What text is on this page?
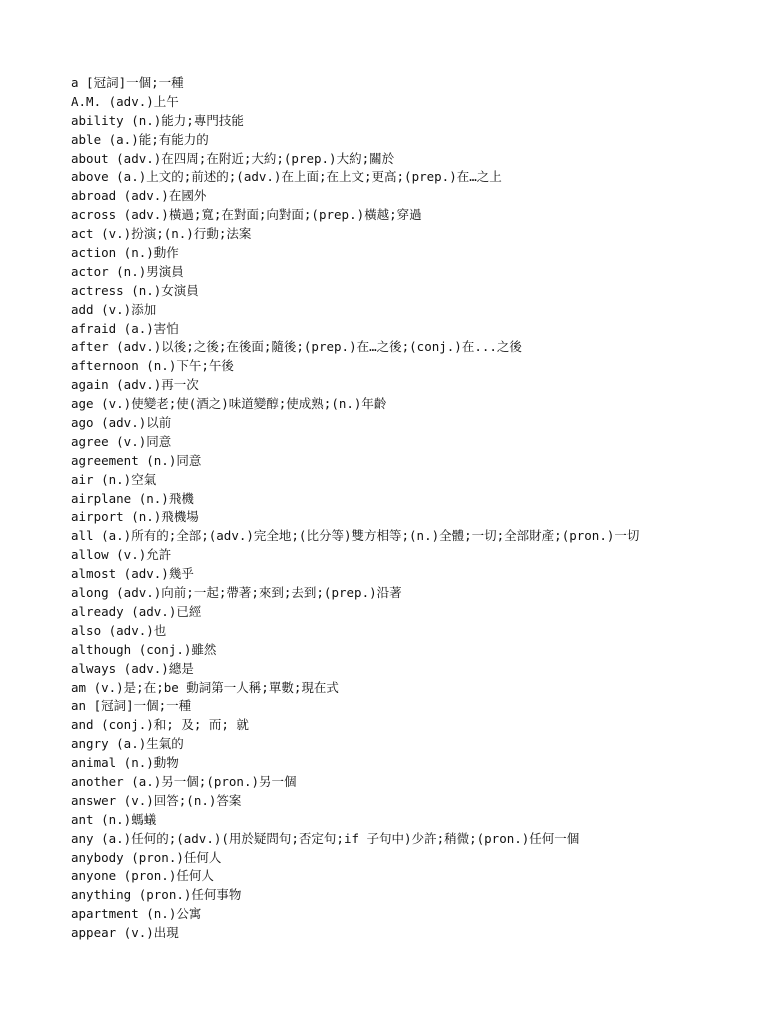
a [冠詞]一個;一種
A.M. (adv.)上午
ability (n.)能力;專門技能
able (a.)能;有能力的
about (adv.)在四周;在附近;大約;(prep.)大約;關於
above (a.)上文的;前述的;(adv.)在上面;在上文;更高;(prep.)在…之上
abroad (adv.)在國外
across (adv.)橫過;寬;在對面;向對面;(prep.)橫越;穿過
act (v.)扮演;(n.)行動;法案
action (n.)動作
actor (n.)男演員
actress (n.)女演員
add (v.)添加
afraid (a.)害怕
after (adv.)以後;之後;在後面;隨後;(prep.)在…之後;(conj.)在...之後
afternoon (n.)下午;午後
again (adv.)再一次
age (v.)使變老;使(酒之)味道變醇;使成熟;(n.)年齡
ago (adv.)以前
agree (v.)同意
agreement (n.)同意
air (n.)空氣
airplane (n.)飛機
airport (n.)飛機場
all (a.)所有的;全部;(adv.)完全地;(比分等)雙方相等;(n.)全體;一切;全部財產;(pron.)一切
allow (v.)允許
almost (adv.)幾乎
along (adv.)向前;一起;帶著;來到;去到;(prep.)沿著
already (adv.)已經
also (adv.)也
although (conj.)雖然
always (adv.)總是
am (v.)是;在;be 動詞第一人稱;單數;現在式
an [冠詞]一個;一種
and (conj.)和; 及; 而; 就
angry (a.)生氣的
animal (n.)動物
another (a.)另一個;(pron.)另一個
answer (v.)回答;(n.)答案
ant (n.)螞蟻
any (a.)任何的;(adv.)(用於疑問句;否定句;if 子句中)少許;稍微;(pron.)任何一個
anybody (pron.)任何人
anyone (pron.)任何人
anything (pron.)任何事物
apartment (n.)公寓
appear (v.)出現
